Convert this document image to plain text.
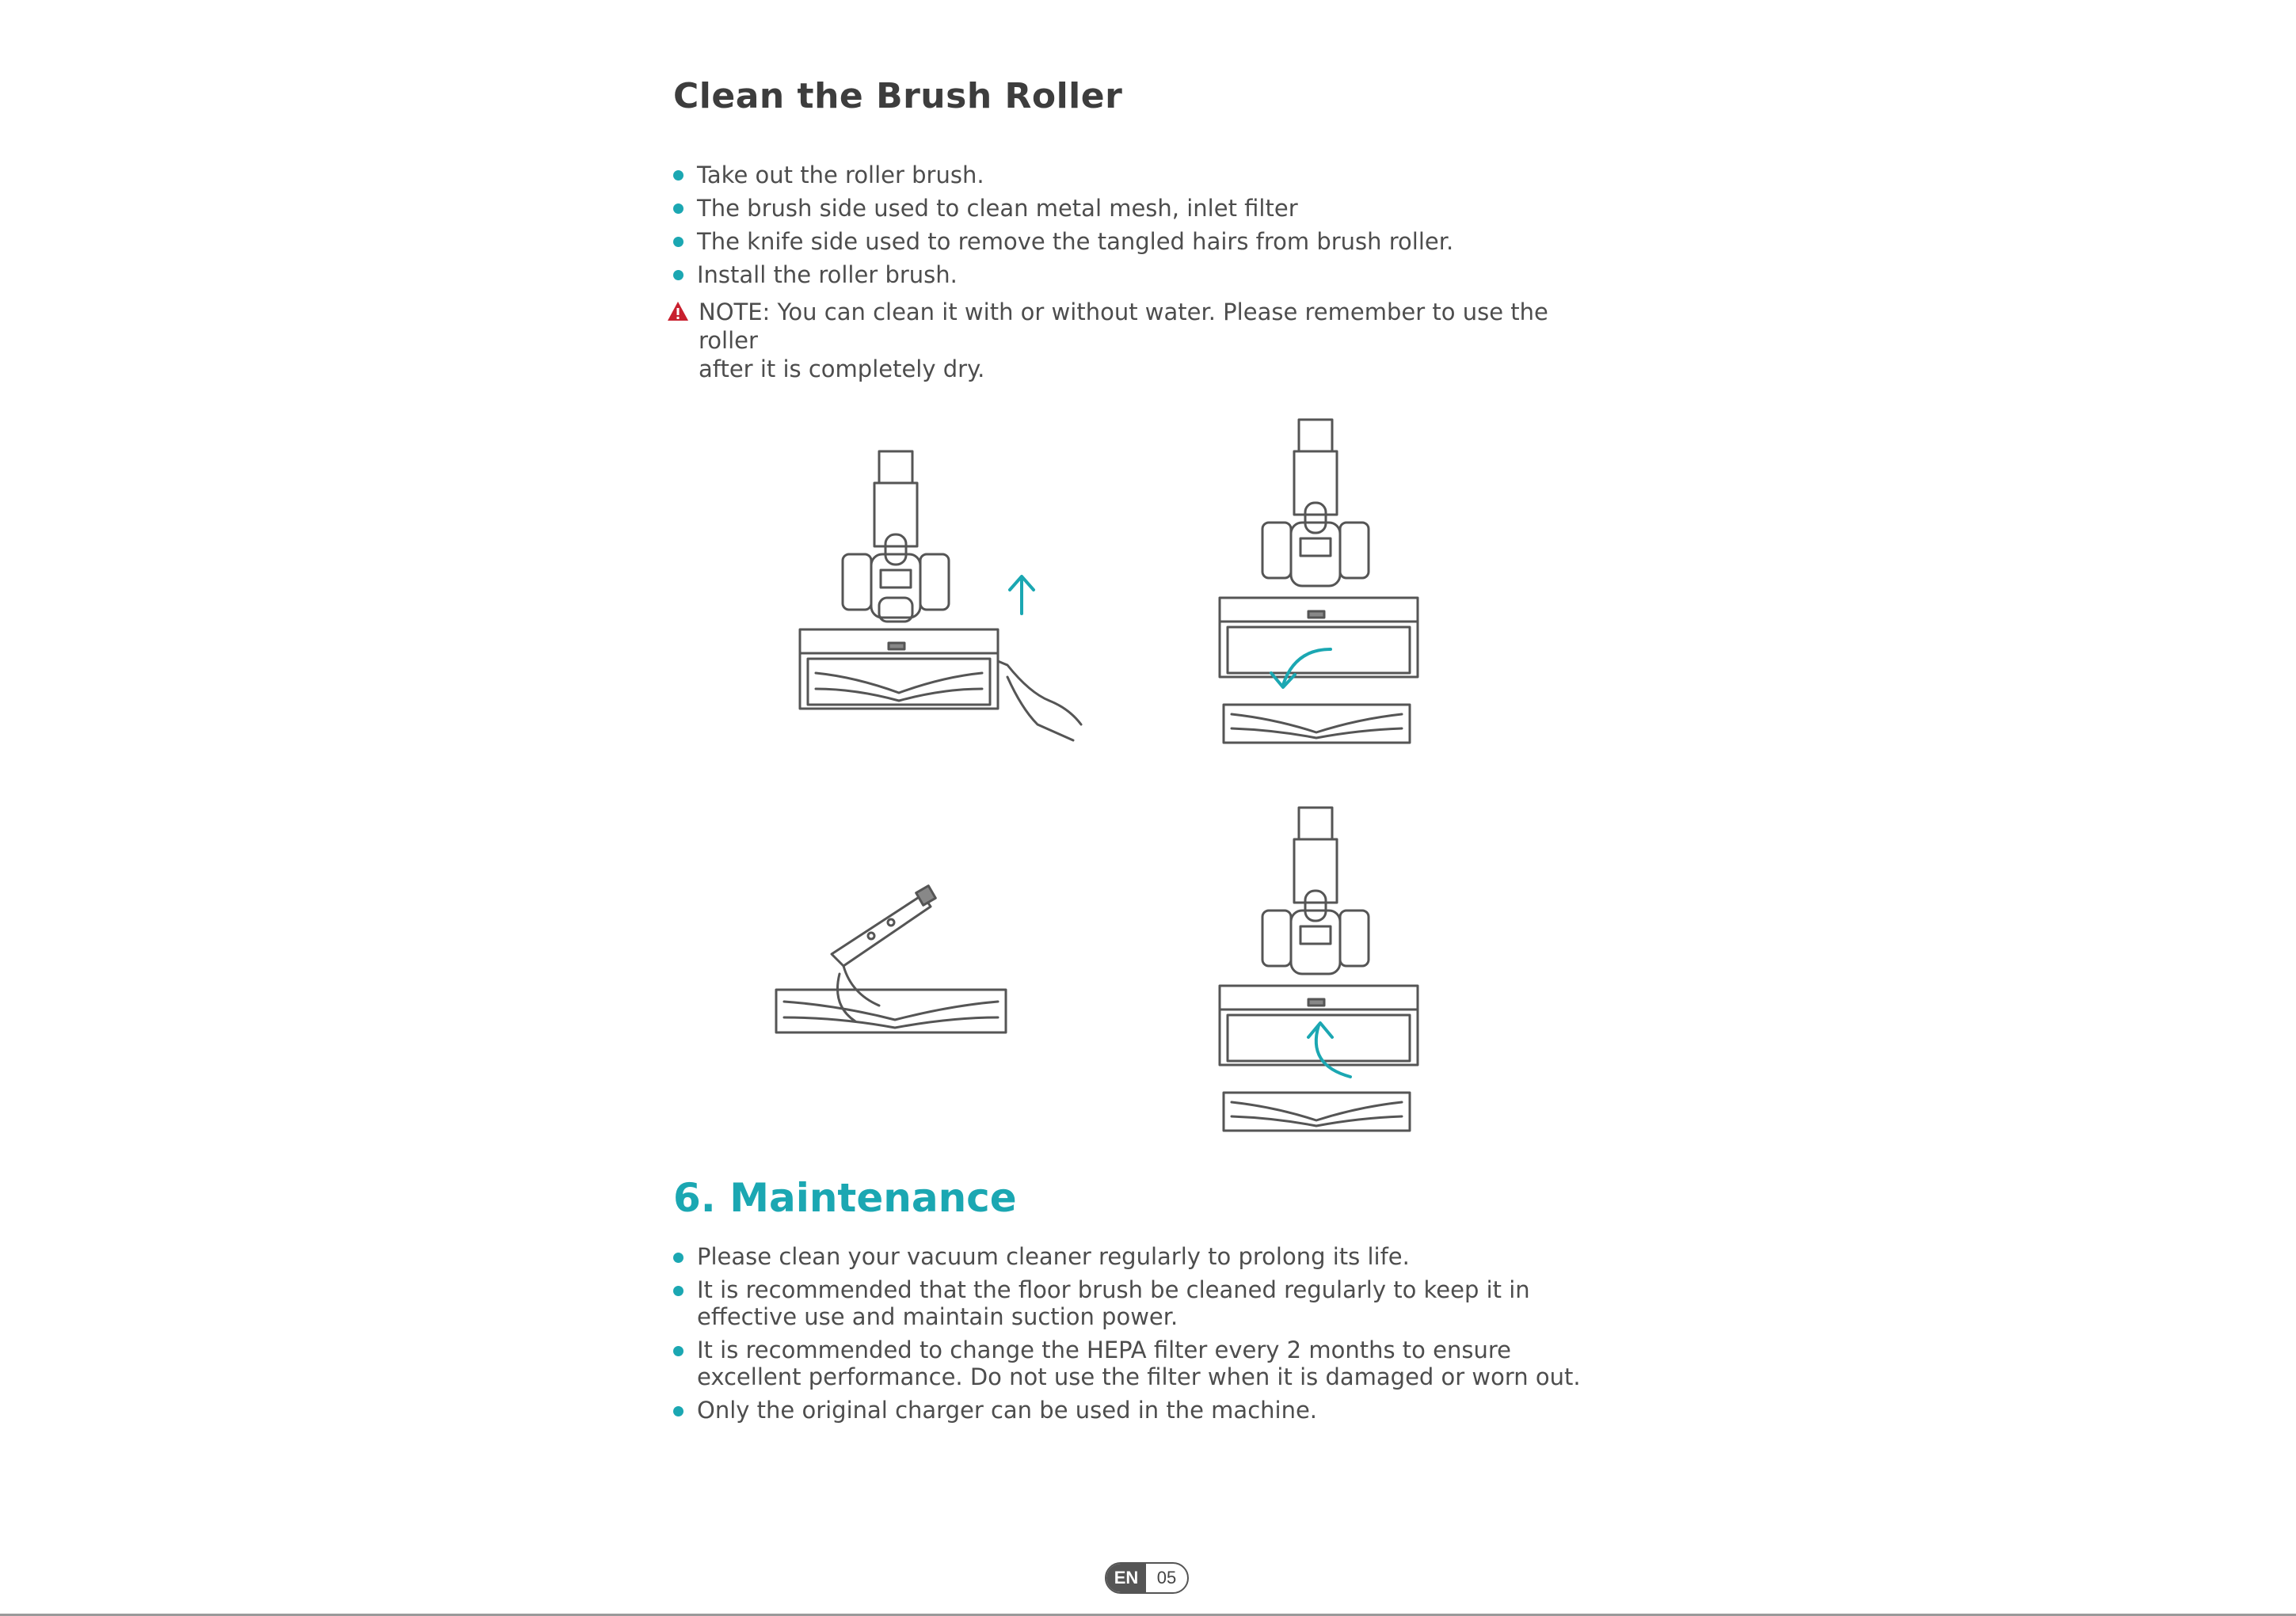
Clean the Brush Roller
Take out the roller brush.
The brush side used to clean metal mesh, inlet filter
The knife side used to remove the tangled hairs from brush roller.
Install the roller brush.
NOTE: You can clean it with or without water. Please remember to use the roller
after it is completely dry.
6. Maintenance
Please clean your vacuum cleaner regularly to prolong its life.
It is recommended that the floor brush be cleaned regularly to keep it in effective use and maintain suction power.
It is recommended to change the HEPA filter every 2 months to ensure excellent performance. Do not use the filter when it is damaged or worn out.
Only the original charger can be used in the machine.
EN	05
